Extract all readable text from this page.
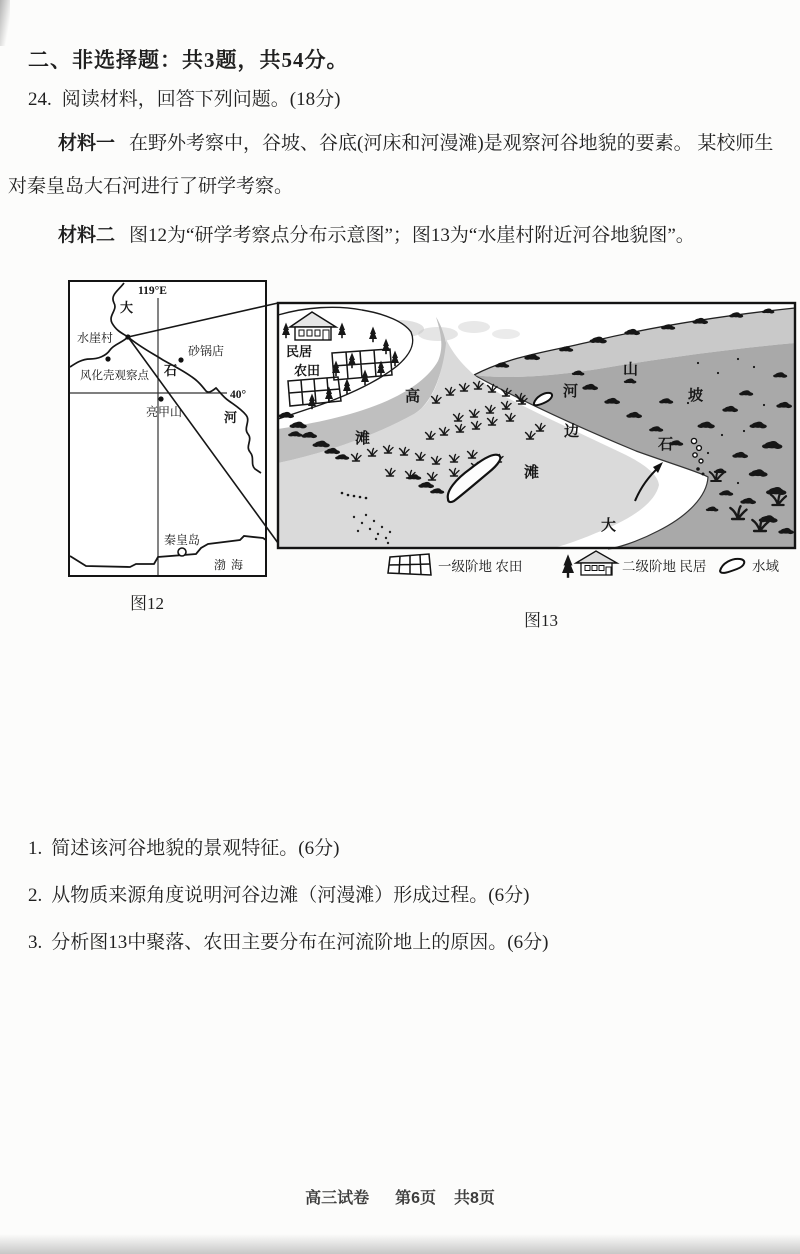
二、非选择题：共3题，共54分。
24. 阅读材料，回答下列问题。(18分)

材料一 在野外考察中，谷坡、谷底(河床和河漫滩)是观察河谷地貌的要素。 某校师生对秦皇岛大石河进行了研学考察。

材料二 图12为“研学考察点分布示意图”；图13为“水崖村附近河谷地貌图”。

119°E
40°
大
石
河
水崖村
砂锅店
风化壳观察点
亮甲山
秦皇岛
渤海
民居
农田
高
滩
河
边
滩
山
坡
石
大
一级阶地 农田	二级阶地 民居	水域
图12
图13
1. 简述该河谷地貌的景观特征。(6分)
2. 从物质来源角度说明河谷边滩（河漫滩）形成过程。(6分)
3. 分析图13中聚落、农田主要分布在河流阶地上的原因。(6分)
高三试卷 第6页 共8页
